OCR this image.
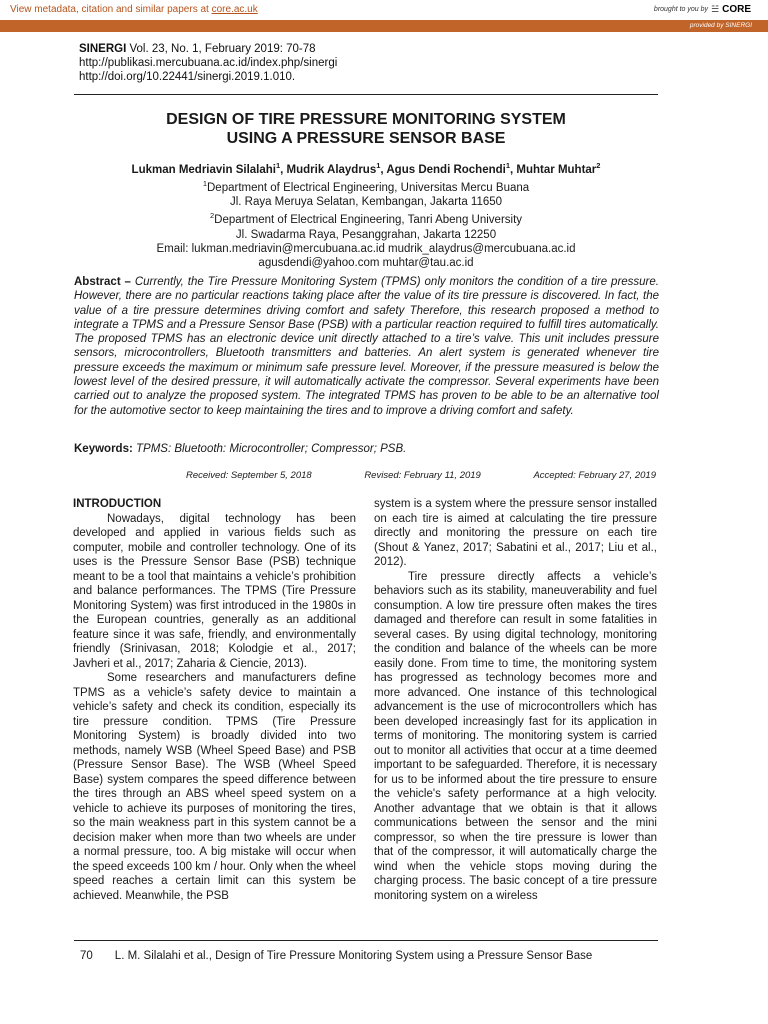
View metadata, citation and similar papers at core.ac.uk	brought to you by ☱ CORE
provided by SINERGI
SINERGI Vol. 23, No. 1, February 2019: 70-78
http://publikasi.mercubuana.ac.id/index.php/sinergi
http://doi.org/10.22441/sinergi.2019.1.010.
DESIGN OF TIRE PRESSURE MONITORING SYSTEM
USING A PRESSURE SENSOR BASE
Lukman Medriavin Silalahi$^1$, Mudrik Alaydrus$^1$, Agus Dendi Rochendi$^1$, Muhtar Muhtar$^2$
$^1$Department of Electrical Engineering, Universitas Mercu Buana
Jl. Raya Meruya Selatan, Kembangan, Jakarta 11650
$^2$Department of Electrical Engineering, Tanri Abeng University
Jl. Swadarma Raya, Pesanggrahan, Jakarta 12250
Email: lukman.medriavin@mercubuana.ac.id mudrik_alaydrus@mercubuana.ac.id
agusdendi@yahoo.com muhtar@tau.ac.id
Abstract – Currently, the Tire Pressure Monitoring System (TPMS) only monitors the condition of a tire pressure. However, there are no particular reactions taking place after the value of its tire pressure is discovered. In fact, the value of a tire pressure determines driving comfort and safety Therefore, this research proposed a method to integrate a TPMS and a Pressure Sensor Base (PSB) with a particular reaction required to fulfill tires automatically. The proposed TPMS has an electronic device unit directly attached to a tire’s valve. This unit includes pressure sensors, microcontrollers, Bluetooth transmitters and batteries. An alert system is generated whenever tire pressure exceeds the maximum or minimum safe pressure level. Moreover, if the pressure measured is below the lowest level of the desired pressure, it will automatically activate the compressor. Several experiments have been carried out to analyze the proposed system. The integrated TPMS has proven to be able to be an alternative tool for the automotive sector to keep maintaining the tires and to improve a driving comfort and safety.
Keywords: TPMS: Bluetooth: Microcontroller; Compressor; PSB.
Received: September 5, 2018	Revised: February 11, 2019	Accepted: February 27, 2019
INTRODUCTION

Nowadays, digital technology has been developed and applied in various fields such as computer, mobile and controller technology. One of its uses is the Pressure Sensor Base (PSB) technique meant to be a tool that maintains a vehicle’s prohibition and balance performances. The TPMS (Tire Pressure Monitoring System) was first introduced in the 1980s in the European countries, generally as an additional feature since it was safe, friendly, and environmentally friendly (Srinivasan, 2018; Kolodgie et al., 2017; Javheri et al., 2017; Zaharia & Ciencie, 2013).

Some researchers and manufacturers define TPMS as a vehicle’s safety device to maintain a vehicle’s safety and check its condition, especially its tire pressure condition. TPMS (Tire Pressure Monitoring System) is broadly divided into two methods, namely WSB (Wheel Speed Base) and PSB (Pressure Sensor Base). The WSB (Wheel Speed Base) system compares the speed difference between the tires through an ABS wheel speed system on a vehicle to achieve its purposes of monitoring the tires, so the main weakness part in this system cannot be a decision maker when more than two wheels are under a normal pressure, too. A big mistake will occur when the speed exceeds 100 km / hour. Only when the wheel speed reaches a certain limit can this system be achieved. Meanwhile, the PSB

system is a system where the pressure sensor installed on each tire is aimed at calculating the tire pressure directly and monitoring the pressure on each tire (Shout & Yanez, 2017; Sabatini et al., 2017; Liu et al., 2012).

Tire pressure directly affects a vehicle’s behaviors such as its stability, maneuverability and fuel consumption. A low tire pressure often makes the tires damaged and therefore can result in some fatalities in several cases. By using digital technology, monitoring the condition and balance of the wheels can be more easily done. From time to time, the monitoring system has progressed as technology becomes more and more advanced. One instance of this technological advancement is the use of microcontrollers which has been developed increasingly fast for its application in terms of monitoring. The monitoring system is carried out to monitor all activities that occur at a time deemed important to be safeguarded. Therefore, it is necessary for us to be informed about the tire pressure to ensure the vehicle's safety performance at a high velocity. Another advantage that we obtain is that it allows communications between the sensor and the mini compressor, so when the tire pressure is lower than that of the compressor, it will automatically charge the wind when the vehicle stops moving during the charging process. The basic concept of a tire pressure monitoring system on a wireless

70 L. M. Silalahi et al., Design of Tire Pressure Monitoring System using a Pressure Sensor Base
